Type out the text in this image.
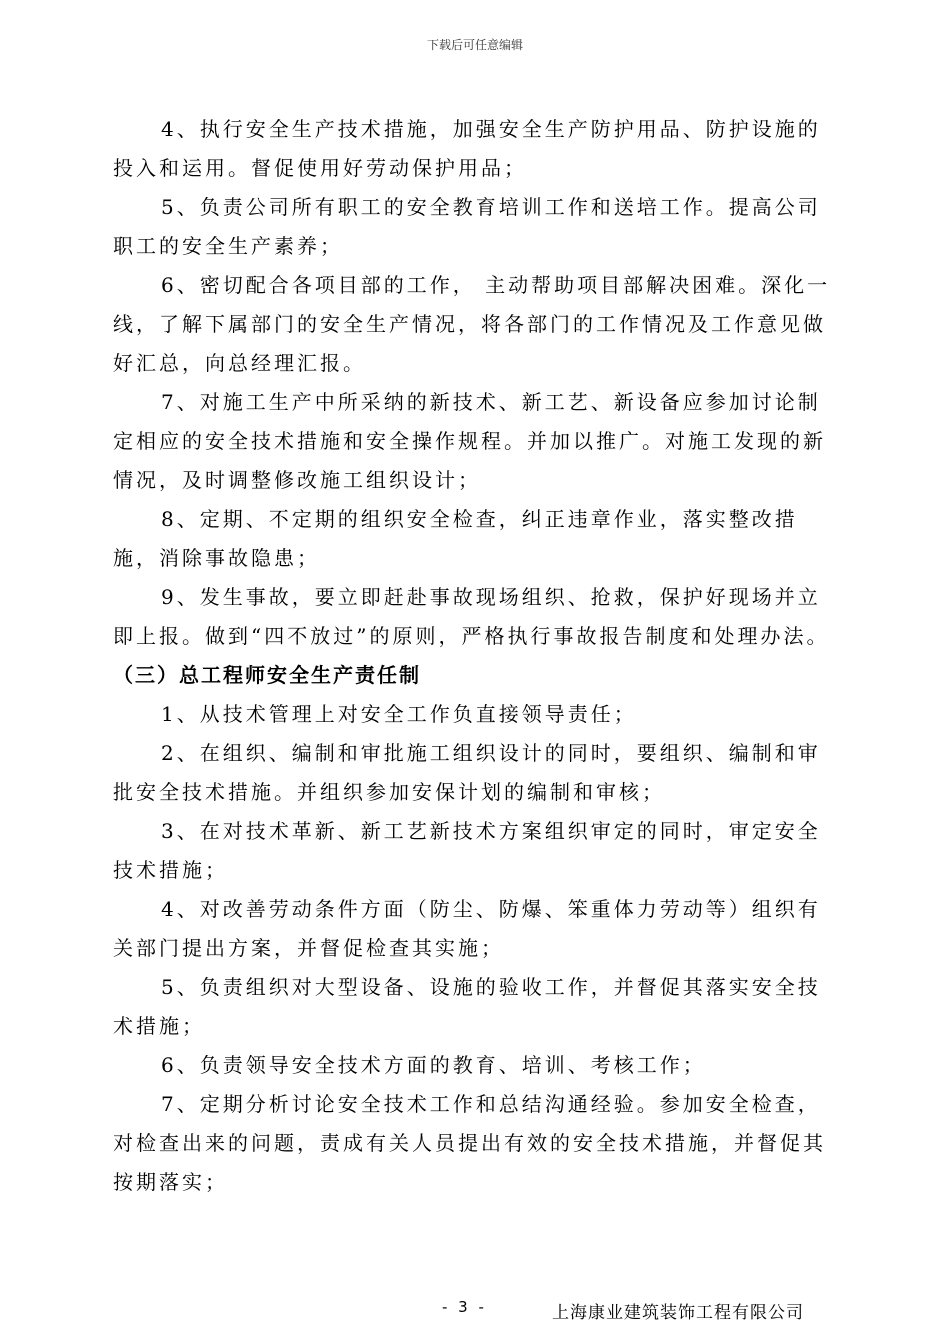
下载后可任意编辑

4、执行安全生产技术措施，加强安全生产防护用品、防护设施的投入和运用。督促使用好劳动保护用品；

5、负责公司所有职工的安全教育培训工作和送培工作。提高公司职工的安全生产素养；

6、密切配合各项目部的工作， 主动帮助项目部解决困难。深化一线，了解下属部门的安全生产情况，将各部门的工作情况及工作意见做好汇总，向总经理汇报。

7、对施工生产中所采纳的新技术、新工艺、新设备应参加讨论制定相应的安全技术措施和安全操作规程。并加以推广。对施工发现的新情况，及时调整修改施工组织设计；

8、定期、不定期的组织安全检查，纠正违章作业，落实整改措施，消除事故隐患；

9、发生事故，要立即赶赴事故现场组织、抢救，保护好现场并立即上报。做到“四不放过”的原则，严格执行事故报告制度和处理办法。

（三）总工程师安全生产责任制

1、从技术管理上对安全工作负直接领导责任；

2、在组织、编制和审批施工组织设计的同时，要组织、编制和审批安全技术措施。并组织参加安保计划的编制和审核；

3、在对技术革新、新工艺新技术方案组织审定的同时，审定安全技术措施；

4、对改善劳动条件方面（防尘、防爆、笨重体力劳动等）组织有关部门提出方案，并督促检查其实施；

5、负责组织对大型设备、设施的验收工作，并督促其落实安全技术措施；

6、负责领导安全技术方面的教育、培训、考核工作；

7、定期分析讨论安全技术工作和总结沟通经验。参加安全检查，对检查出来的问题，责成有关人员提出有效的安全技术措施，并督促其按期落实；

- 3 -	上海康业建筑装饰工程有限公司
